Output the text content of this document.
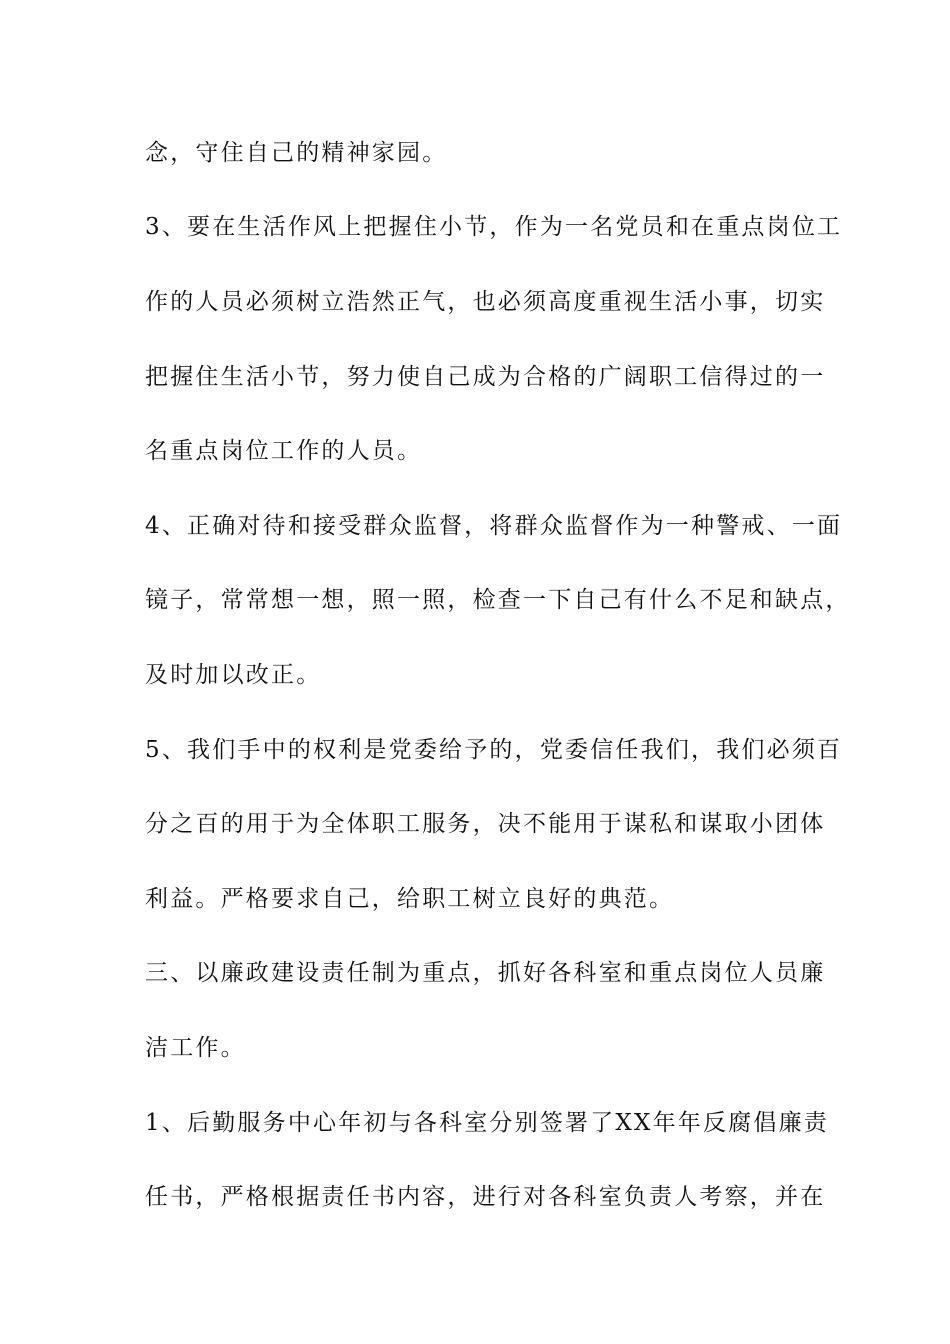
念，守住自己的精神家园。
3、要在生活作风上把握住小节，作为一名党员和在重点岗位工
作的人员必须树立浩然正气，也必须高度重视生活小事，切实
把握住生活小节，努力使自己成为合格的广阔职工信得过的一
名重点岗位工作的人员。
4、正确对待和接受群众监督，将群众监督作为一种警戒、一面
镜子，常常想一想，照一照，检查一下自己有什么不足和缺点，
及时加以改正。
5、我们手中的权利是党委给予的，党委信任我们，我们必须百
分之百的用于为全体职工服务，决不能用于谋私和谋取小团体
利益。严格要求自己，给职工树立良好的典范。
三、以廉政建设责任制为重点，抓好各科室和重点岗位人员廉
洁工作。
1、后勤服务中心年初与各科室分别签署了XX年年反腐倡廉责
任书，严格根据责任书内容，进行对各科室负责人考察，并在
